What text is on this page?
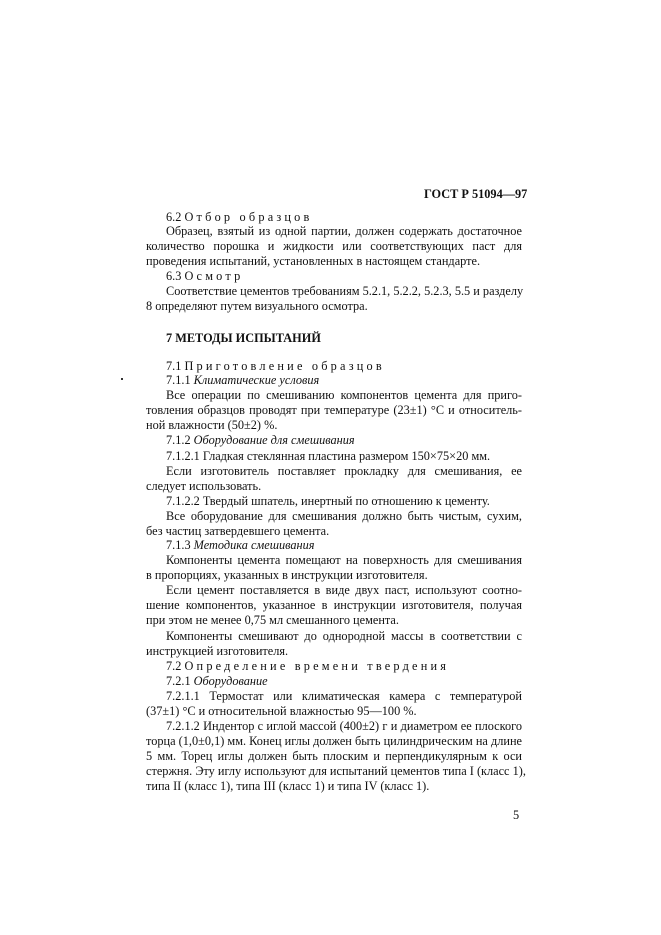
ГОСТ Р 51094—97
6.2 Отбор образцов
Образец, взятый из одной партии, должен содержать достаточное
количество порошка и жидкости или соответствующих паст для
проведения испытаний, установленных в настоящем стандарте.
6.3 Осмотр
Соответствие цементов требованиям 5.2.1, 5.2.2, 5.2.3, 5.5 и разделу
8 определяют путем визуального осмотра.
7 МЕТОДЫ ИСПЫТАНИЙ
7.1 Приготовление образцов
7.1.1 Климатические условия
Все операции по смешиванию компонентов цемента для приго-
товления образцов проводят при температуре (23±1) °С и относитель-
ной влажности (50±2) %.
7.1.2 Оборудование для смешивания
7.1.2.1 Гладкая стеклянная пластина размером 150×75×20 мм.
Если изготовитель поставляет прокладку для смешивания, ее
следует использовать.
7.1.2.2 Твердый шпатель, инертный по отношению к цементу.
Все оборудование для смешивания должно быть чистым, сухим,
без частиц затвердевшего цемента.
7.1.3 Методика смешивания
Компоненты цемента помещают на поверхность для смешивания
в пропорциях, указанных в инструкции изготовителя.
Если цемент поставляется в виде двух паст, используют соотно-
шение компонентов, указанное в инструкции изготовителя, получая
при этом не менее 0,75 мл смешанного цемента.
Компоненты смешивают до однородной массы в соответствии с
инструкцией изготовителя.
7.2 Определение времени твердения
7.2.1 Оборудование
7.2.1.1 Термостат или климатическая камера с температурой
(37±1) °С и относительной влажностью 95—100 %.
7.2.1.2 Индентор с иглой массой (400±2) г и диаметром ее плоского
торца (1,0±0,1) мм. Конец иглы должен быть цилиндрическим на длине
5 мм. Торец иглы должен быть плоским и перпендикулярным к оси
стержня. Эту иглу используют для испытаний цементов типа I (класс 1),
типа II (класс 1), типа III (класс 1) и типа IV (класс 1).
5
